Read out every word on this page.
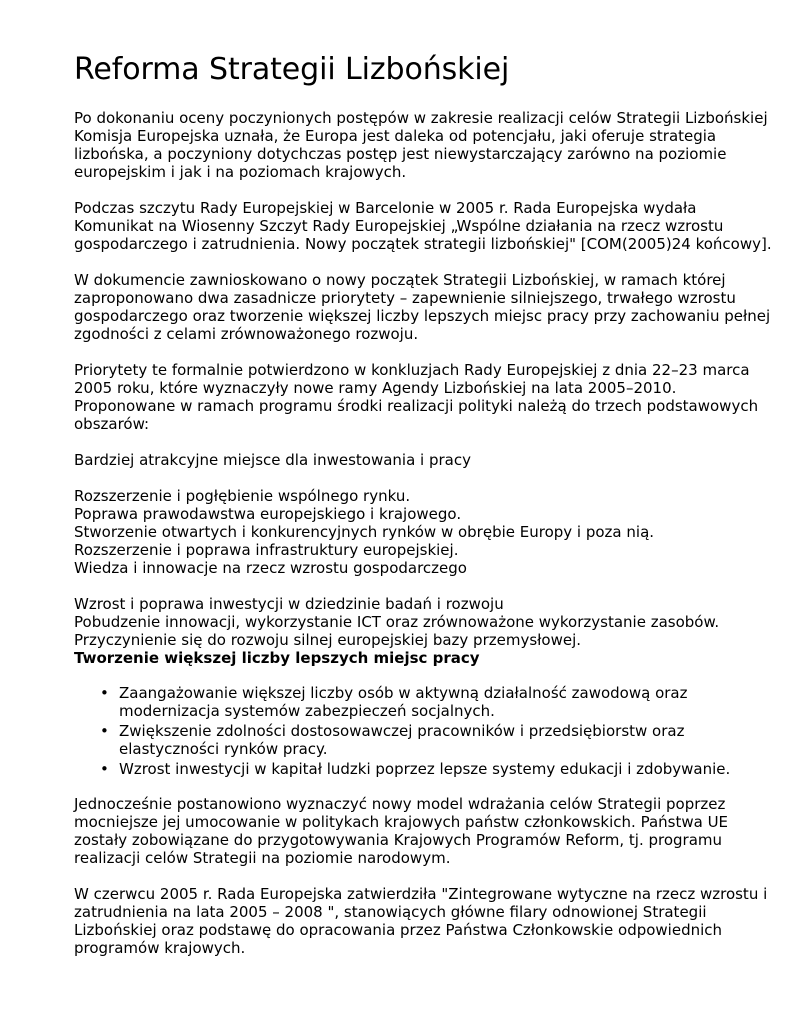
Reforma Strategii Lizbońskiej

Po dokonaniu oceny poczynionych postępów w zakresie realizacji celów Strategii Lizbońskiej Komisja Europejska uznała, że Europa jest daleka od potencjału, jaki oferuje strategia lizbońska, a poczyniony dotychczas postęp jest niewystarczający zarówno na poziomie europejskim i jak i na poziomach krajowych.

Podczas szczytu Rady Europejskiej w Barcelonie w 2005 r. Rada Europejska wydała Komunikat na Wiosenny Szczyt Rady Europejskiej „Wspólne działania na rzecz wzrostu gospodarczego i zatrudnienia. Nowy początek strategii lizbońskiej" [COM(2005)24 końcowy].

W dokumencie zawnioskowano o nowy początek Strategii Lizbońskiej, w ramach której zaproponowano dwa zasadnicze priorytety – zapewnienie silniejszego, trwałego wzrostu gospodarczego oraz tworzenie większej liczby lepszych miejsc pracy przy zachowaniu pełnej zgodności z celami zrównoważonego rozwoju.

Priorytety te formalnie potwierdzono w konkluzjach Rady Europejskiej z dnia 22–23 marca 2005 roku, które wyznaczyły nowe ramy Agendy Lizbońskiej na lata 2005–2010. Proponowane w ramach programu środki realizacji polityki należą do trzech podstawowych obszarów:

Bardziej atrakcyjne miejsce dla inwestowania i pracy

Rozszerzenie i pogłębienie wspólnego rynku.
Poprawa prawodawstwa europejskiego i krajowego.
Stworzenie otwartych i konkurencyjnych rynków w obrębie Europy i poza nią.
Rozszerzenie i poprawa infrastruktury europejskiej.
Wiedza i innowacje na rzecz wzrostu gospodarczego

Wzrost i poprawa inwestycji w dziedzinie badań i rozwoju
Pobudzenie innowacji, wykorzystanie ICT oraz zrównoważone wykorzystanie zasobów.
Przyczynienie się do rozwoju silnej europejskiej bazy przemysłowej.

Tworzenie większej liczby lepszych miejsc pracy
• Zaangażowanie większej liczby osób w aktywną działalność zawodową oraz modernizacja systemów zabezpieczeń socjalnych.
• Zwiększenie zdolności dostosowawczej pracowników i przedsiębiorstw oraz elastyczności rynków pracy.
• Wzrost inwestycji w kapitał ludzki poprzez lepsze systemy edukacji i zdobywanie.

Jednocześnie postanowiono wyznaczyć nowy model wdrażania celów Strategii poprzez mocniejsze jej umocowanie w politykach krajowych państw członkowskich. Państwa UE zostały zobowiązane do przygotowywania Krajowych Programów Reform, tj. programu realizacji celów Strategii na poziomie narodowym.

W czerwcu 2005 r. Rada Europejska zatwierdziła "Zintegrowane wytyczne na rzecz wzrostu i zatrudnienia na lata 2005 – 2008 ", stanowiących główne filary odnowionej Strategii Lizbońskiej oraz podstawę do opracowania przez Państwa Członkowskie odpowiednich programów krajowych.
